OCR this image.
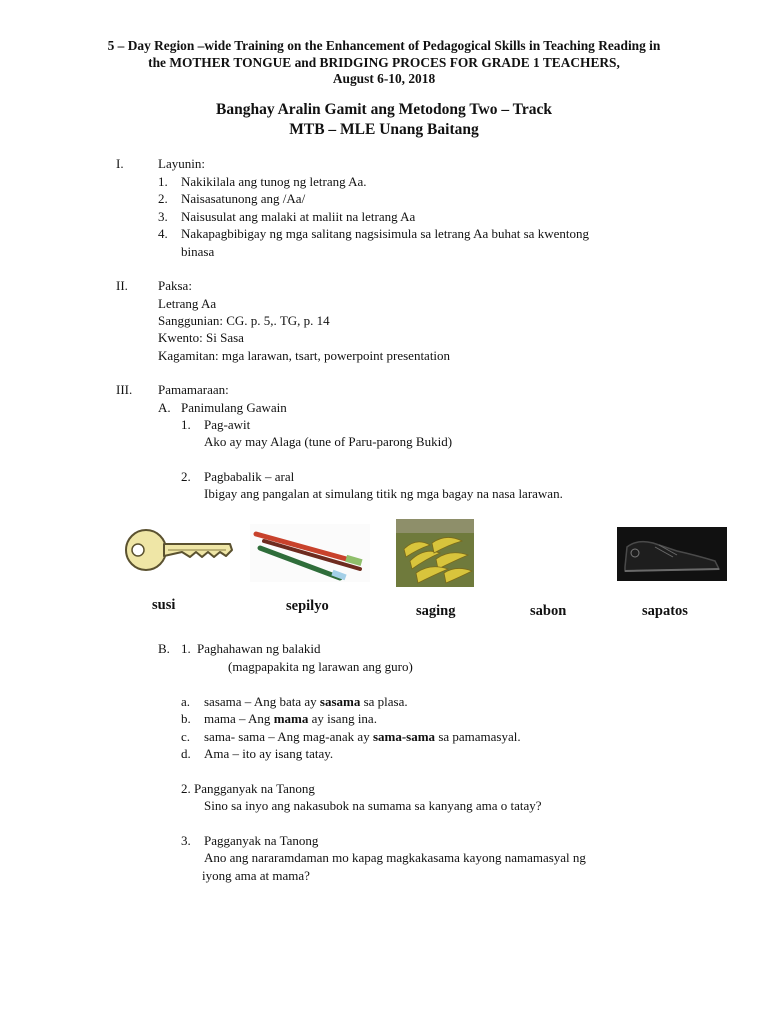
5 – Day Region –wide Training on the Enhancement of Pedagogical Skills in Teaching Reading in
the MOTHER TONGUE and BRIDGING PROCES FOR GRADE 1 TEACHERS,
August 6-10, 2018
Banghay Aralin Gamit ang Metodong Two – Track
MTB – MLE Unang Baitang
I.	Layunin:
1. Nakikilala ang tunog ng letrang Aa.
2. Naisasatunong ang /Aa/
3. Naisusulat ang malaki at maliit na letrang Aa
4. Nakapagbibigay ng mga salitang nagsisimula sa letrang Aa buhat sa kwentong
binasa
II. Paksa:
Letrang Aa
Sanggunian: CG. p. 5,. TG, p. 14
Kwento: Si Sasa
Kagamitan: mga larawan, tsart, powerpoint presentation
III. Pamamaraan:
A. Panimulang Gawain
1. Pag-awit
Ako ay may Alaga (tune of Paru-parong Bukid)
2. Pagbabalik – aral
Ibigay ang pangalan at simulang titik ng mga bagay na nasa larawan.
susi	sepilyo	saging	sabon	sapatos
B. 1. Paghahawan ng balakid
(magpapakita ng larawan ang guro)
a. sasama – Ang bata ay sasama sa plasa.
b. mama – Ang mama ay isang ina.
c. sama- sama – Ang mag-anak ay sama-sama sa pamamasyal.
d. Ama – ito ay isang tatay.
2. Pangganyak na Tanong
Sino sa inyo ang nakasubok na sumama sa kanyang ama o tatay?
3. Pagganyak na Tanong
Ano ang nararamdaman mo kapag magkakasama kayong namamasyal ng
iyong ama at mama?
